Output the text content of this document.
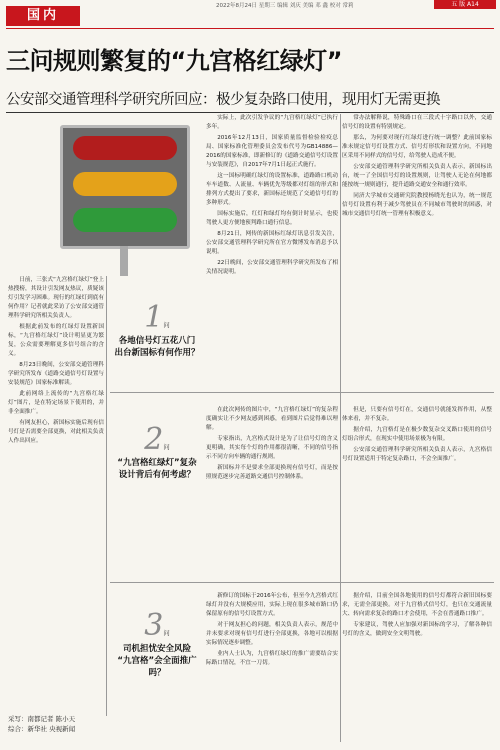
国内
2022年8月24日 星期三 编辑 刘庆 美编 邓 鑫 校对 常莉	五 版 A14
三问规则繁复的“九宫格红绿灯”
公安部交通管理科学研究所回应：极少复杂路口使用，现用灯无需更换

日前，三张式“九宫格红绿灯”登上热搜榜，其设计引发网友热议，质疑该灯引发学习困难。现行的红绿灯到底有何作用？记者就此采访了公安部交通管理科学研究所相关负责人。

根据此前发布的红绿灯设置新国标，“九宫格红绿灯”设计明显更为繁复，公众需要理解更多信号组合的含义。

8月23日晚间，公安部交通管理科学研究所发布《道路交通信号灯设置与安装规范》国家标准解读。

此前网络上流传的“九宫格红绿灯”图片，是在特定场景下使用的，并非全面推广。

有网友担心，新国标实施后现有信号灯是否需要全部更换，对此相关负责人作出回应。

1问
各地信号灯五花八门
出台新国标有何作用？
2问
“九宫格红绿灯”复杂
设计背后有何考虑？
3问
司机担忧安全风险
“九宫格”会全面推广吗？

实际上，此次引发争议的“九宫格红绿灯”已执行多年。

2016年12月13日，国家质量监督检验检疫总局、国家标准化管理委员会发布代号为GB14886—2016的国家标准，即新修订的《道路交通信号灯设置与安装规范》，自2017年7月1日起正式施行。

这一国标明确红绿灯的设置标准，道路路口机动车车道数、人流量、车辆优先等级都对灯组的形式和排列方式提出了要求，新国标还规范了交通信号灯的多种形式。

国标实施后，红灯和绿灯均有倒计时显示，也使驾驶人更方便地预判路口通行信息。

8月21日，网传的新国标红绿灯讯息引发关注，公安部交通管理科学研究所在官方微博发布消息予以说明。

22日晚间，公安部交通管理科学研究所发布了相关情况说明。

常办法解释说，特殊路口在三段式十字路口以外，交通信号灯的设置有特别规定。

那么，为何要对现行红绿灯进行统一调整？此前国家标准未规定信号灯设置方式、信号灯形状和设置方向，不同地区采用不同样式的信号灯，给驾驶人造成不便。

公安部交通管理科学研究所相关负责人表示，新国标出台，统一了全国信号灯的设置规则，让驾驶人无论在何地都能按统一规则通行，提升道路交通安全和通行效率。

同济大学城市交通研究院教授杨晓光也认为，统一规范信号灯设置有利于减少驾驶员在不同城市驾驶时的困惑，对城市交通信号灯统一管理有积极意义。

在此次网传的图片中，“九宫格红绿灯”的复杂程度确实让不少网友感到困惑，看到图片后觉得难以理解。

专家指出，九宫格式设计是为了让信号灯的含义更明确，其实每个灯的作用都很清晰，不同的信号指示不同方向车辆的通行规则。

新国标并不是要求全部更换现有信号灯，而是按照规范逐步完善道路交通信号控制体系。

但是，只要有信号灯在，交通信号就能发挥作用，从整体来看，并不复杂。

据介绍，九宫格灯是在极少数复杂交叉路口使用的信号灯组合形式，在现实中使用场景极为有限。

公安部交通管理科学研究所相关负责人表示，九宫格信号灯设置适用于特定复杂路口，不会全面推广。

新修订的国标于2016年公布，但至今九宫格式红绿灯并没有大规模应用，实际上现在很多城市路口仍保留原有的信号灯设置方式。

对于网友担心的问题，相关负责人表示，规范中并未要求对现有信号灯进行全部更换，各地可以根据实际情况逐步调整。

业内人士认为，九宫格红绿灯的推广需要结合实际路口情况，不宜一刀切。

据介绍，目前全国各地使用的信号灯都符合新旧国标要求，无需全部更换。对于九宫格式信号灯，也只在交通流量大、转向需求复杂的路口才会使用，不会在普通路口推广。

专家建议，驾驶人应加强对新国标的学习，了解各种信号灯的含义，做到安全文明驾驶。

采写：南都记者 陈小天
综合：新华社 央视新闻
